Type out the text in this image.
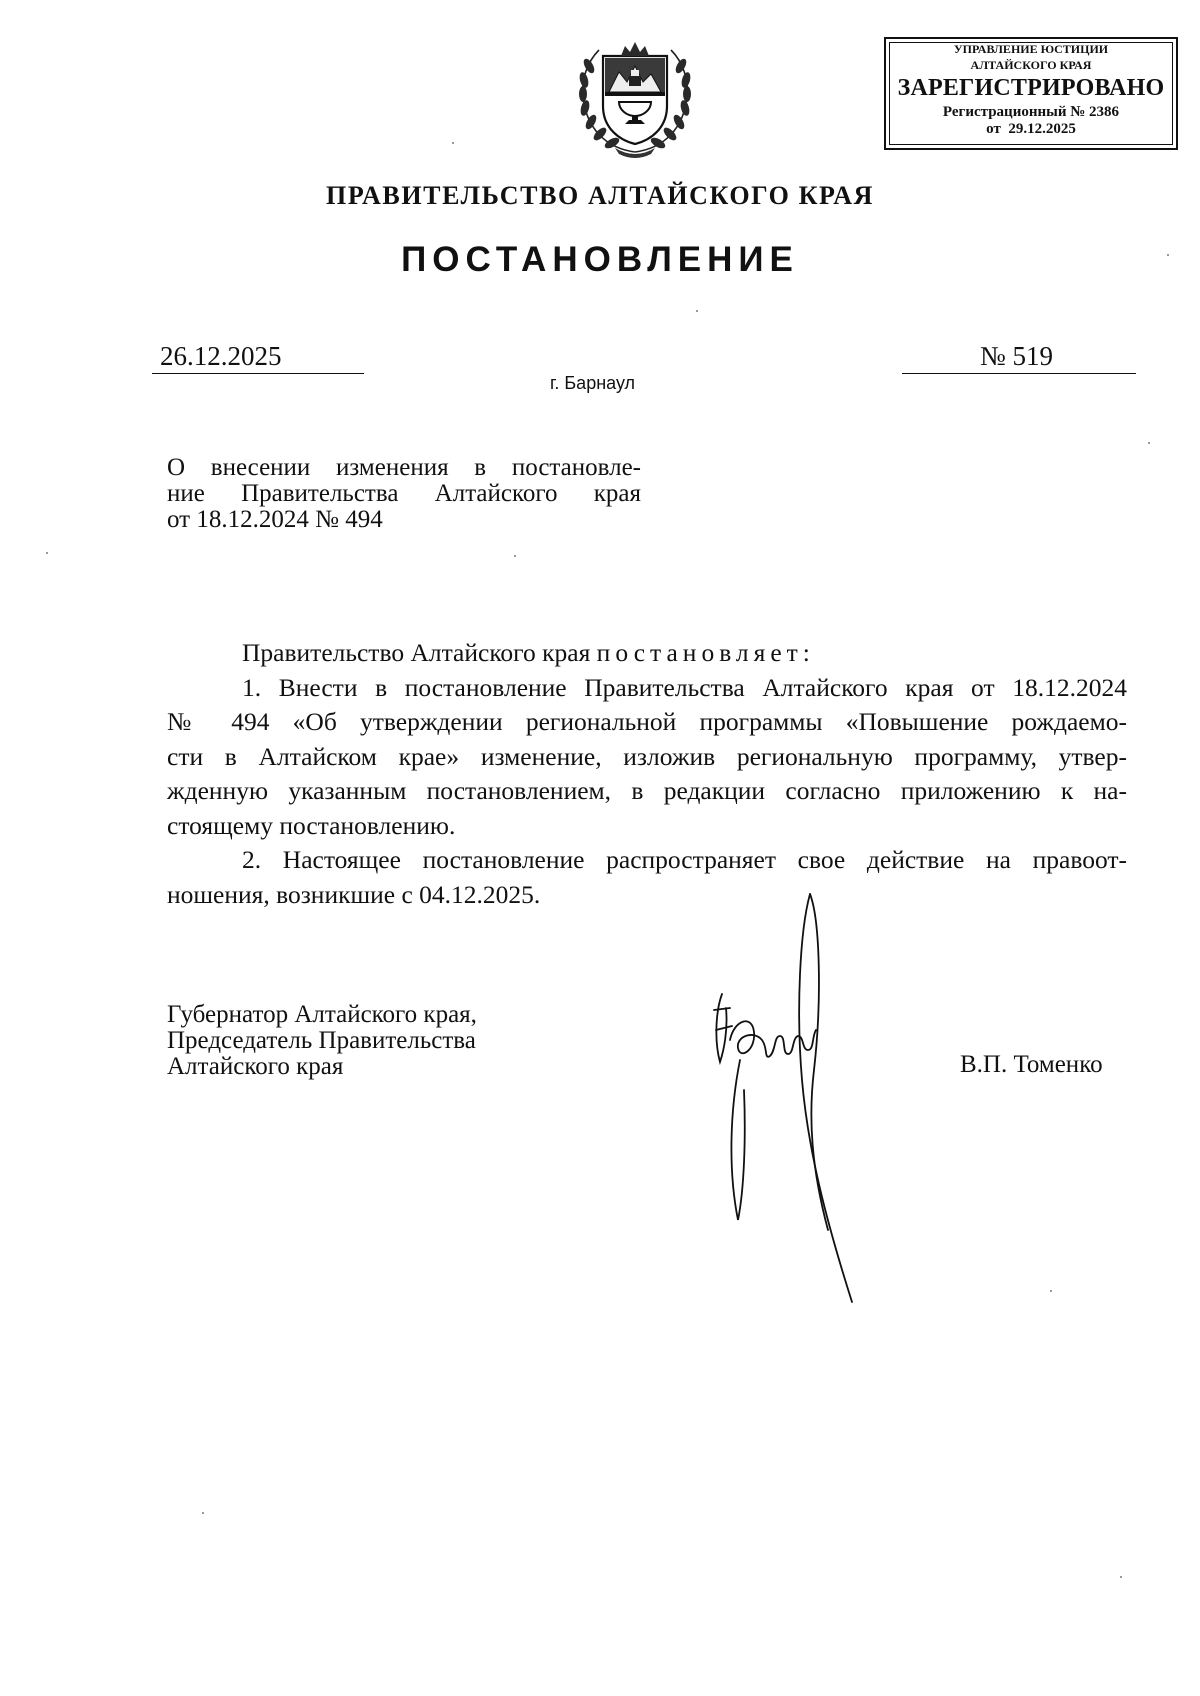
УПРАВЛЕНИЕ ЮСТИЦИИ
АЛТАЙСКОГО КРАЯ
ЗАРЕГИСТРИРОВАНО
Регистрационный № 2386
от  29.12.2025
ПРАВИТЕЛЬСТВО АЛТАЙСКОГО КРАЯ
ПОСТАНОВЛЕНИЕ
26.12.2025	№ 519
г. Барнаул
О внесении изменения в постановле-
ние Правительства Алтайского края
от 18.12.2024 № 494
Правительство Алтайского края постановляет:
1. Внести в постановление Правительства Алтайского края от 18.12.2024
№ 494 «Об утверждении региональной программы «Повышение рождаемо-
сти в Алтайском крае» изменение, изложив региональную программу, утвер-
жденную указанным постановлением, в редакции согласно приложению к на-
стоящему постановлению.
2. Настоящее постановление распространяет свое действие на правоот-
ношения, возникшие с 04.12.2025.
Губернатор Алтайского края,
Председатель Правительства
Алтайского края	В.П. Томенко
